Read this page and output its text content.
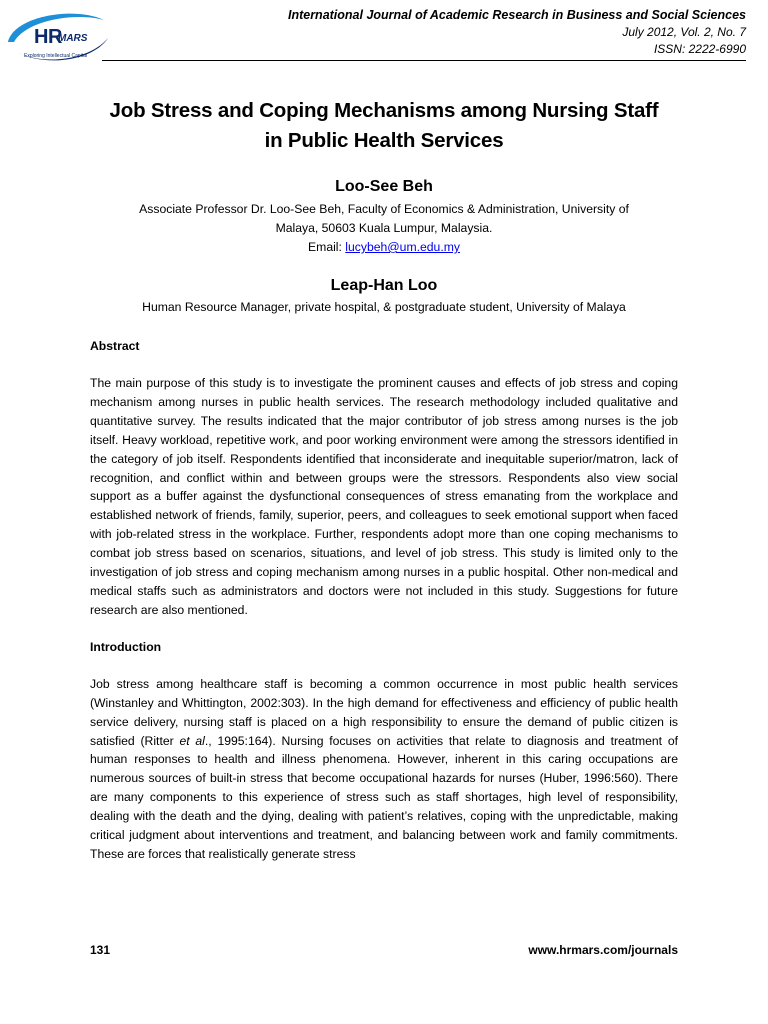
HR
MARS
Exploring Intellectual Capital
International Journal of Academic Research in Business and Social Sciences
July 2012, Vol. 2, No. 7
ISSN: 2222-6990
Job Stress and Coping Mechanisms among Nursing Staff
in Public Health Services

Loo-See Beh

Associate Professor Dr. Loo-See Beh, Faculty of Economics & Administration, University of
Malaya, 50603 Kuala Lumpur, Malaysia.

Email: lucybeh@um.edu.my

Leap-Han Loo

Human Resource Manager, private hospital, & postgraduate student, University of Malaya

Abstract

The main purpose of this study is to investigate the prominent causes and effects of job stress and coping mechanism among nurses in public health services. The research methodology included qualitative and quantitative survey. The results indicated that the major contributor of job stress among nurses is the job itself. Heavy workload, repetitive work, and poor working environment were among the stressors identified in the category of job itself. Respondents identified that inconsiderate and inequitable superior/matron, lack of recognition, and conflict within and between groups were the stressors. Respondents also view social support as a buffer against the dysfunctional consequences of stress emanating from the workplace and established network of friends, family, superior, peers, and colleagues to seek emotional support when faced with job-related stress in the workplace. Further, respondents adopt more than one coping mechanisms to combat job stress based on scenarios, situations, and level of job stress. This study is limited only to the investigation of job stress and coping mechanism among nurses in a public hospital. Other non-medical and medical staffs such as administrators and doctors were not included in this study. Suggestions for future research are also mentioned.

Introduction

Job stress among healthcare staff is becoming a common occurrence in most public health services (Winstanley and Whittington, 2002:303). In the high demand for effectiveness and efficiency of public health service delivery, nursing staff is placed on a high responsibility to ensure the demand of public citizen is satisfied (Ritter et al., 1995:164). Nursing focuses on activities that relate to diagnosis and treatment of human responses to health and illness phenomena. However, inherent in this caring occupations are numerous sources of built-in stress that become occupational hazards for nurses (Huber, 1996:560). There are many components to this experience of stress such as staff shortages, high level of responsibility, dealing with the death and the dying, dealing with patient’s relatives, coping with the unpredictable, making critical judgment about interventions and treatment, and balancing between work and family commitments. These are forces that realistically generate stress

131	www.hrmars.com/journals
